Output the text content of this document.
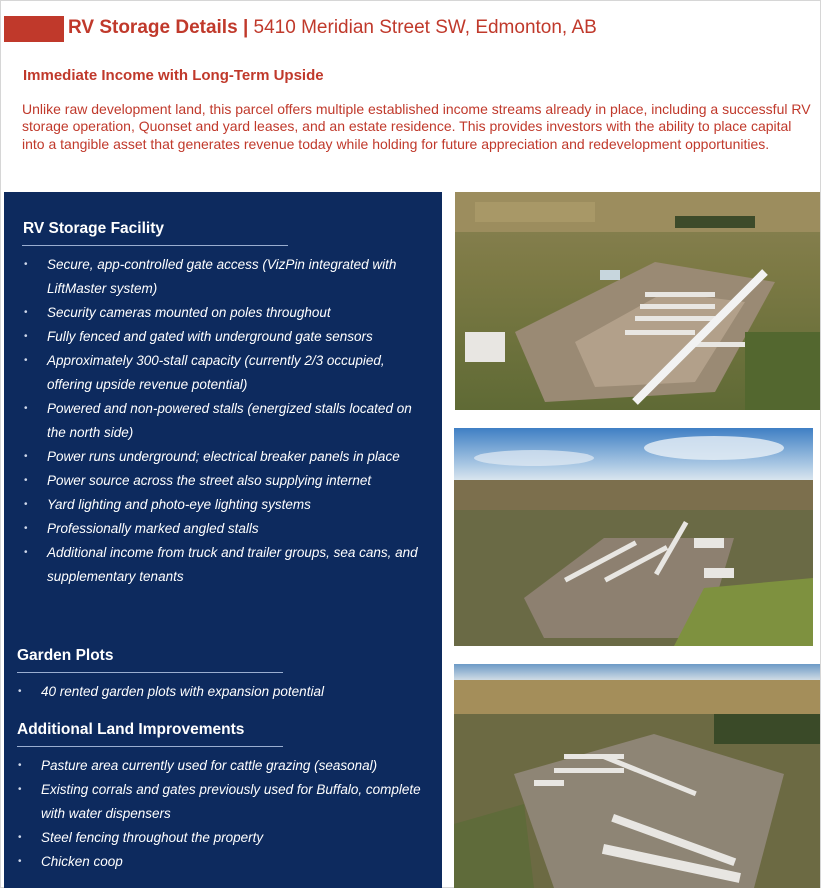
RV Storage Details | 5410 Meridian Street SW, Edmonton, AB
Immediate Income with Long-Term Upside
Unlike raw development land, this parcel offers multiple established income streams already in place, including a successful RV storage operation, Quonset and yard leases, and an estate residence. This provides investors with the ability to place capital into a tangible asset that generates revenue today while holding for future appreciation and redevelopment opportunities.
RV Storage Facility
• Secure, app-controlled gate access (VizPin integrated with LiftMaster system)
• Security cameras mounted on poles throughout
• Fully fenced and gated with underground gate sensors
• Approximately 300-stall capacity (currently 2/3 occupied, offering upside revenue potential)
• Powered and non-powered stalls (energized stalls located on the north side)
• Power runs underground; electrical breaker panels in place
• Power source across the street also supplying internet
• Yard lighting and photo-eye lighting systems
• Professionally marked angled stalls
• Additional income from truck and trailer groups, sea cans, and supplementary tenants
Garden Plots
• 40 rented garden plots with expansion potential
Additional Land Improvements
• Pasture area currently used for cattle grazing (seasonal)
• Existing corrals and gates previously used for Buffalo, complete with water dispensers
• Steel fencing throughout the property
• Chicken coop
